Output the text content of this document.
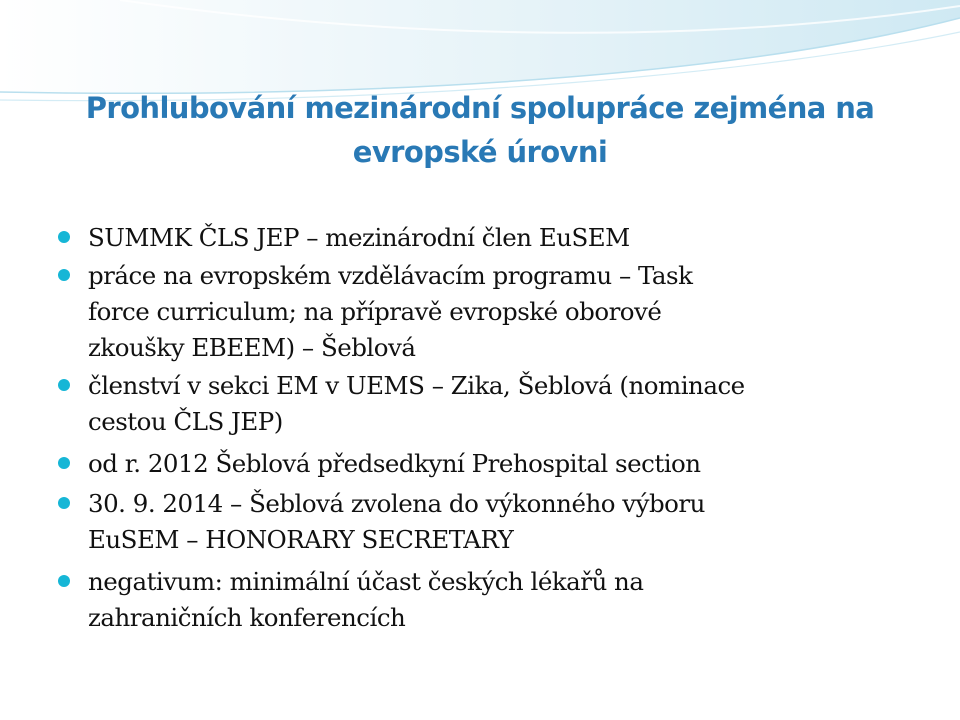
Prohlubování mezinárodní spolupráce zejména na
evropské úrovni
SUMMK ČLS JEP – mezinárodní člen EuSEM
práce na evropském vzdělávacím programu – Task
force curriculum; na přípravě evropské oborové
zkoušky EBEEM) – Šeblová
členství v sekci EM v UEMS – Zika, Šeblová (nominace
cestou ČLS JEP)
od r. 2012 Šeblová předsedkyní Prehospital section
30. 9. 2014 – Šeblová zvolena do výkonného výboru
EuSEM – HONORARY SECRETARY
negativum: minimální účast českých lékařů na
zahraničních konferencích
